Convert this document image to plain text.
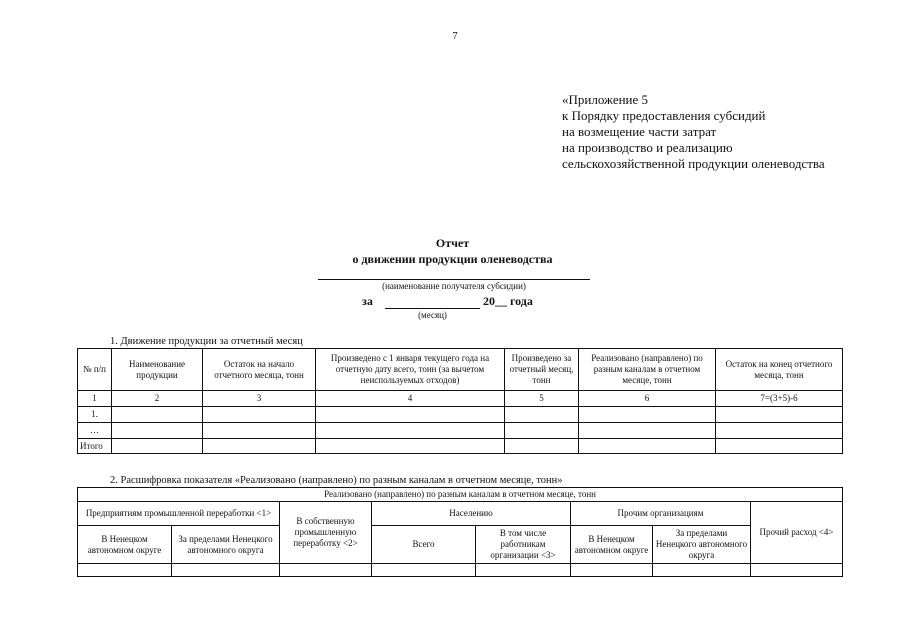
7
«Приложение 5
к Порядку предоставления субсидий
на возмещение части затрат
на производство и реализацию
сельскохозяйственной продукции оленеводства
Отчет
о движении продукции оленеводства
(наименование получателя субсидии)
за	20__ года
(месяц)
1. Движение продукции за отчетный месяц
№ п/п	Наименование продукции	Остаток на начало отчетного месяца, тонн	Произведено с 1 января текущего года на отчетную дату всего, тонн (за вычетом неиспользуемых отходов)	Произведено за отчетный месяц, тонн	Реализовано (направлено) по разным каналам в отчетном месяце, тонн	Остаток на конец отчетного месяца, тонн
1	2	3	4	5	6	7=(3+5)-6
1.						
…						
Итого						
2. Расшифровка показателя «Реализовано (направлено) по разным каналам в отчетном месяце, тонн»
Реализовано (направлено) по разным каналам в отчетном месяце, тонн							
Предприятиям промышленной переработки <1>		В собственную промышленную переработку <2>	Населению		Прочим организациям		Прочий расход <4>
В Ненецком автономном округе	За пределами Ненецкого автономного округа		Всего	В том числе работникам организации <3>	В Ненецком автономном округе	За пределами Ненецкого автономного округа	
